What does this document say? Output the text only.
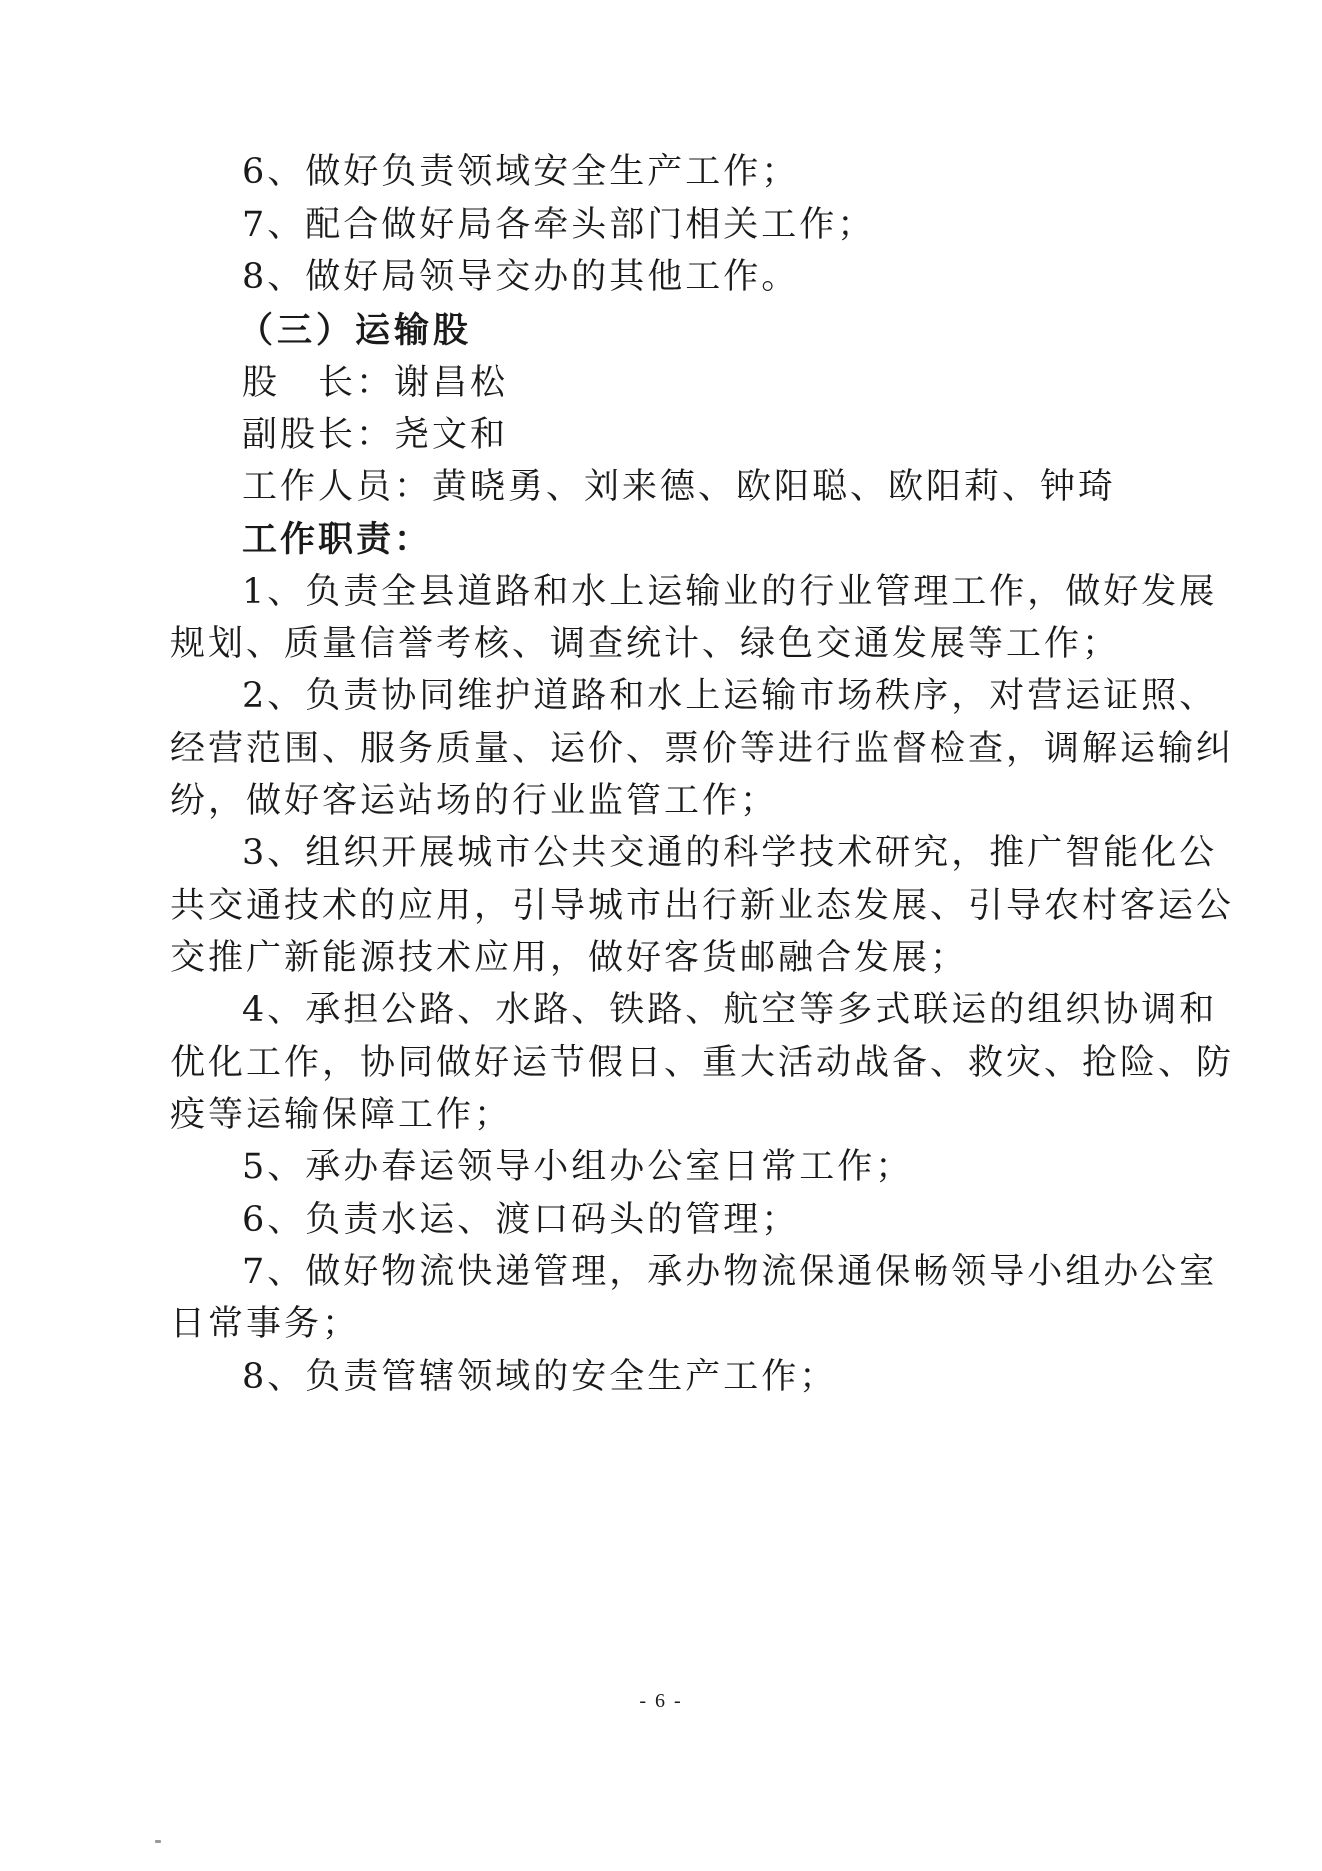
6、做好负责领域安全生产工作；
7、配合做好局各牵头部门相关工作；
8、做好局领导交办的其他工作。
（三）运输股
股　长：谢昌松
副股长：尧文和
工作人员：黄晓勇、刘来德、欧阳聪、欧阳莉、钟琦
工作职责：
1、负责全县道路和水上运输业的行业管理工作，做好发展
规划、质量信誉考核、调查统计、绿色交通发展等工作；
2、负责协同维护道路和水上运输市场秩序，对营运证照、
经营范围、服务质量、运价、票价等进行监督检查，调解运输纠
纷，做好客运站场的行业监管工作；
3、组织开展城市公共交通的科学技术研究，推广智能化公
共交通技术的应用，引导城市出行新业态发展、引导农村客运公
交推广新能源技术应用，做好客货邮融合发展；
4、承担公路、水路、铁路、航空等多式联运的组织协调和
优化工作，协同做好运节假日、重大活动战备、救灾、抢险、防
疫等运输保障工作；
5、承办春运领导小组办公室日常工作；
6、负责水运、渡口码头的管理；
7、做好物流快递管理，承办物流保通保畅领导小组办公室
日常事务；
8、负责管辖领域的安全生产工作；
- 6 -
